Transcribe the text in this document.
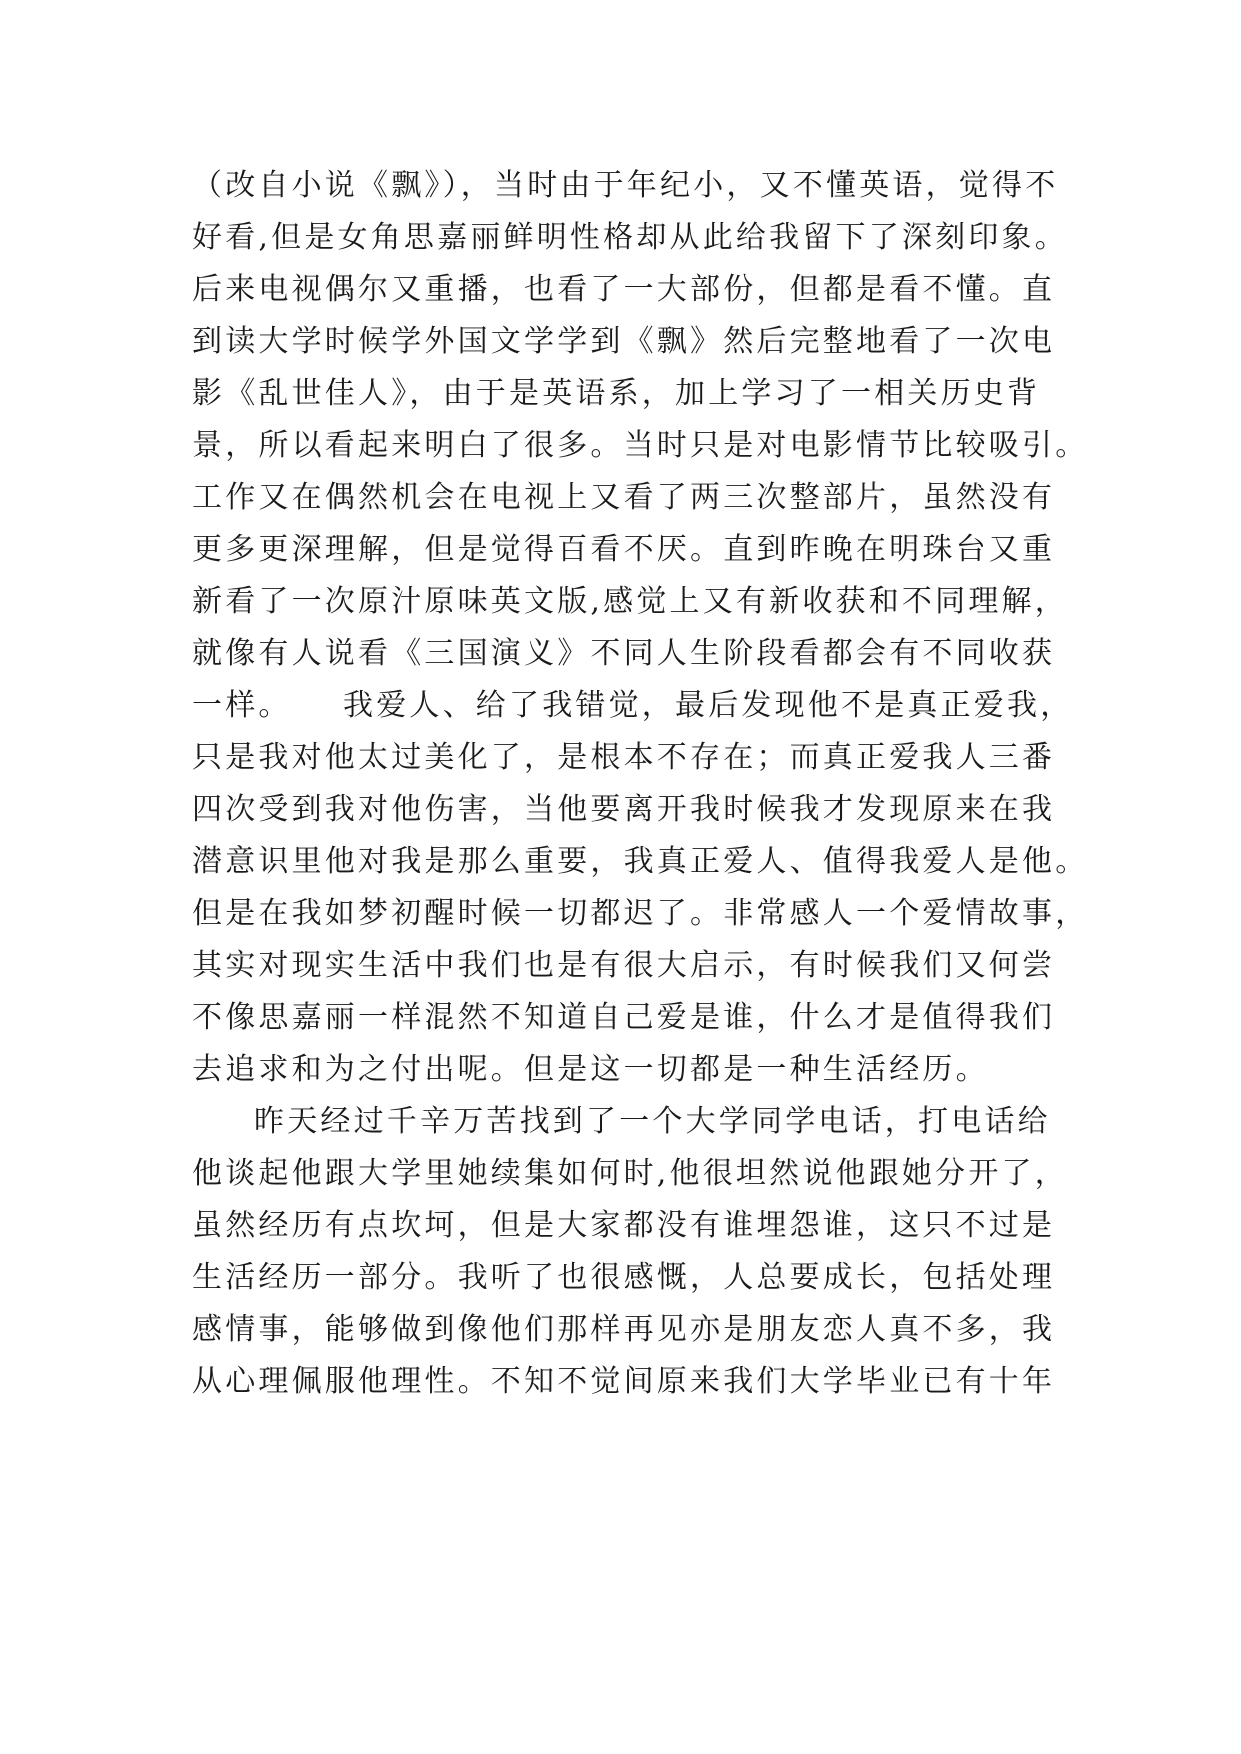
（改自小说《飘》），当时由于年纪小，又不懂英语，觉得不
好看,但是女角思嘉丽鲜明性格却从此给我留下了深刻印象。
后来电视偶尔又重播，也看了一大部份，但都是看不懂。直
到读大学时候学外国文学学到《飘》然后完整地看了一次电
影《乱世佳人》，由于是英语系，加上学习了一相关历史背
景，所以看起来明白了很多。当时只是对电影情节比较吸引。
工作又在偶然机会在电视上又看了两三次整部片，虽然没有
更多更深理解，但是觉得百看不厌。直到昨晚在明珠台又重
新看了一次原汁原味英文版,感觉上又有新收获和不同理解，
就像有人说看《三国演义》不同人生阶段看都会有不同收获
一样。　　我爱人、给了我错觉，最后发现他不是真正爱我，
只是我对他太过美化了，是根本不存在；而真正爱我人三番
四次受到我对他伤害，当他要离开我时候我才发现原来在我
潜意识里他对我是那么重要，我真正爱人、值得我爱人是他。
但是在我如梦初醒时候一切都迟了。非常感人一个爱情故事，
其实对现实生活中我们也是有很大启示，有时候我们又何尝
不像思嘉丽一样混然不知道自己爱是谁，什么才是值得我们
去追求和为之付出呢。但是这一切都是一种生活经历。
昨天经过千辛万苦找到了一个大学同学电话，打电话给
他谈起他跟大学里她续集如何时,他很坦然说他跟她分开了，
虽然经历有点坎坷，但是大家都没有谁埋怨谁，这只不过是
生活经历一部分。我听了也很感慨，人总要成长，包括处理
感情事，能够做到像他们那样再见亦是朋友恋人真不多，我
从心理佩服他理性。不知不觉间原来我们大学毕业已有十年
